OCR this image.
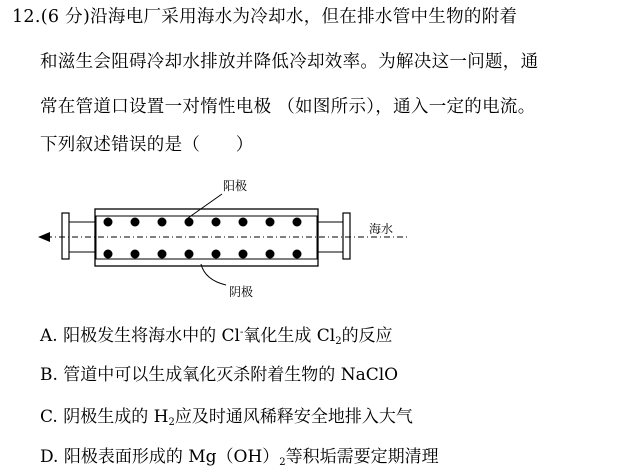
12.(6 分)沿海电厂采用海水为冷却水，但在排水管中生物的附着
和滋生会阻碍冷却水排放并降低冷却效率。为解决这一问题，通
常在管道口设置一对惰性电极 （如图所示），通入一定的电流。
下列叙述错误的是（　　）
阳极
阴极
海水
A. 阳极发生将海水中的 Cl-氧化生成 $Cl_2$的反应
B. 管道中可以生成氧化灭杀附着生物的 NaClO
C. 阴极生成的 $H_2$应及时通风稀释安全地排入大气
D. 阳极表面形成的 $Mg(OH)_2$等积垢需要定期清理
